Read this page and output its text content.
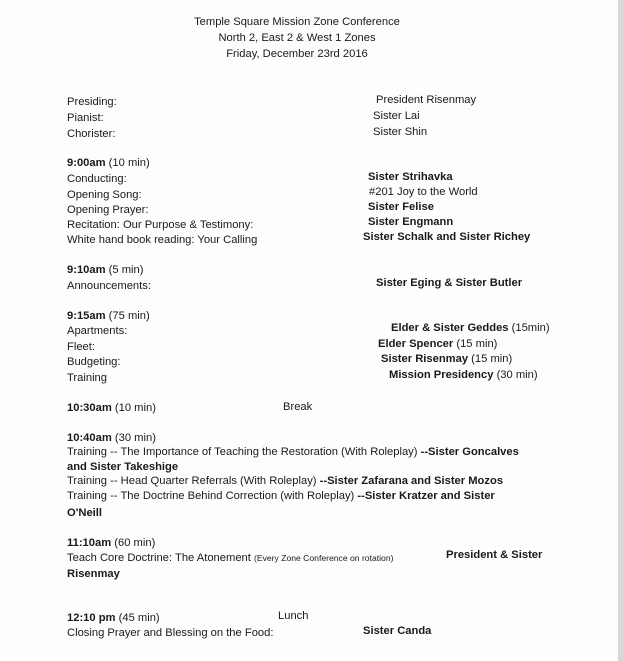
Temple Square Mission Zone Conference
North 2, East 2 & West 1 Zones
Friday, December 23rd 2016
Presiding:	President Risenmay
Pianist:	Sister Lai
Chorister:	Sister Shin
9:00am (10 min)
Conducting:	Sister Strihavka
Opening Song:	#201 Joy to the World
Opening Prayer:	Sister Felise
Recitation: Our Purpose & Testimony:	Sister Engmann
White hand book reading: Your Calling	Sister Schalk and Sister Richey
9:10am (5 min)
Announcements:	Sister Eging & Sister Butler
9:15am (75 min)
Apartments:	Elder & Sister Geddes (15min)
Fleet:	Elder Spencer (15 min)
Budgeting:	Sister Risenmay (15 min)
Training	Mission Presidency (30 min)
10:30am (10 min)	Break
10:40am (30 min)
Training -- The Importance of Teaching the Restoration (With Roleplay) --Sister Goncalves
and Sister Takeshige
Training -- Head Quarter Referrals (With Roleplay) --Sister Zafarana and Sister Mozos
Training -- The Doctrine Behind Correction (with Roleplay) --Sister Kratzer and Sister
O'Neill
11:10am (60 min)
Teach Core Doctrine: The Atonement (Every Zone Conference on rotation)	President & Sister
Risenmay
12:10 pm (45 min)	Lunch
Closing Prayer and Blessing on the Food:	Sister Canda
